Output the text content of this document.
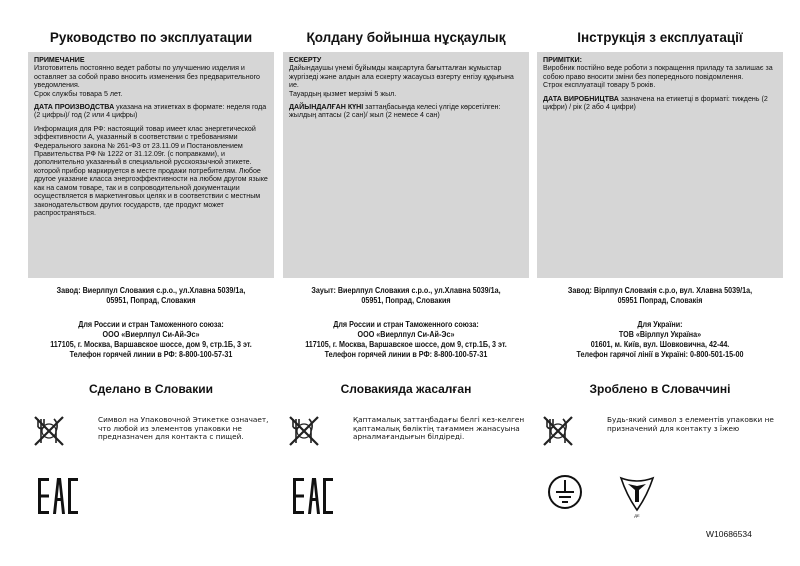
Руководство по эксплуатации

ПРИМЕЧАНИЕ
Изготовитель постоянно ведет работы по улучшению изделия и оставляет за собой право вносить изменения без предварительного уведомления.
Срок службы товара 5 лет.

ДАТА ПРОИЗВОДСТВА указана на этикетках в формате: неделя года (2 цифры)/ год (2 или 4 цифры)

Информация для РФ: настоящий товар имеет клас энергетической эффективности А, указанный в соответствии с требованиями Федерального закона № 261-ФЗ от 23.11.09 и Постановлением Правительства РФ № 1222 от 31.12.09г. (с поправками), и дополнительно указанный в специальной русскоязычной этикете. которой прибор маркируется в месте продажи потребителям. Любое другое указание класса энергоэффективности на любом другом языке как на самом товаре, так и в сопроводительной документации осуществляется в маркетинговых целях и в соответствии с местным законодательством других государств, где продукт может распространяться.

Завод: Виерлпул Словакия с.р.о., ул.Хлавна 5039/1а,
05951, Попрад, Словакия
Для России и стран Таможенного союза:
ООО «Виерлпул Си-Ай-Эс»
117105, г. Москва, Варшавское шоссе, дом 9, стр.1Б, 3 эт.
Телефон горячей линии в РФ: 8-800-100-57-31
Сделано в Словакии
Символ на Упаковочной Этикетке означает, что любой из элементов упаковки не предназначен для контакта с пищей.
Қолдану бойынша нұсқаулық

ЕСКЕРТУ
Дайындаушы үнемі бұйымды жақсартуға бағытталған жұмыстар жүргізеді және алдын ала ескерту жасаусыз өзгерту енгізу құқығына ие.
Тауардың қызмет мерзімі 5 жыл.

ДАЙЫНДАЛҒАН КҮНІ заттаңбасында келесі үлгіде көрсетілген: жылдың аптасы (2 сан)/ жыл (2 немесе 4 сан)

Зауыт: Виерлпул Словакия с.р.о., ул.Хлавна 5039/1а,
05951, Попрад, Словакия
Для России и стран Таможенного союза:
ООО «Виерлпул Си-Ай-Эс»
117105, г. Москва, Варшавское шоссе, дом 9, стр.1Б, 3 эт.
Телефон горячей линии в РФ: 8-800-100-57-31
Словакияда жасалған
Қаптамалық заттаңбадағы белгі кез-келген қаптамалық бөліктің тағаммен жанасуына арналмағандығын білдіреді.
Інструкція з експлуатації

ПРИМІТКИ:
Виробник постійно веде роботи з покращення приладу та залишає за собою право вносити зміни без попереднього повідомлення.
Строк експлуатації товару 5 років.

ДАТА ВИРОБНИЦТВА зазначена на етикетці в форматі: тиждень (2 цифри) / рік (2 або 4 цифри)

Завод: Вірлпул Словакія с.р.о, вул. Хлавна 5039/1а,
05951 Попрад, Словакія
Для України:
ТОВ «Вірлпул Україна»
01601, м. Київ, вул. Шовковична, 42-44.
Телефон гарячої лінії в Україні: 0-800-501-15-00
Зроблено в Словаччині
Будь-який символ з елементів упаковки не призначений для контакту з їжею
ДЕ
W10686534
